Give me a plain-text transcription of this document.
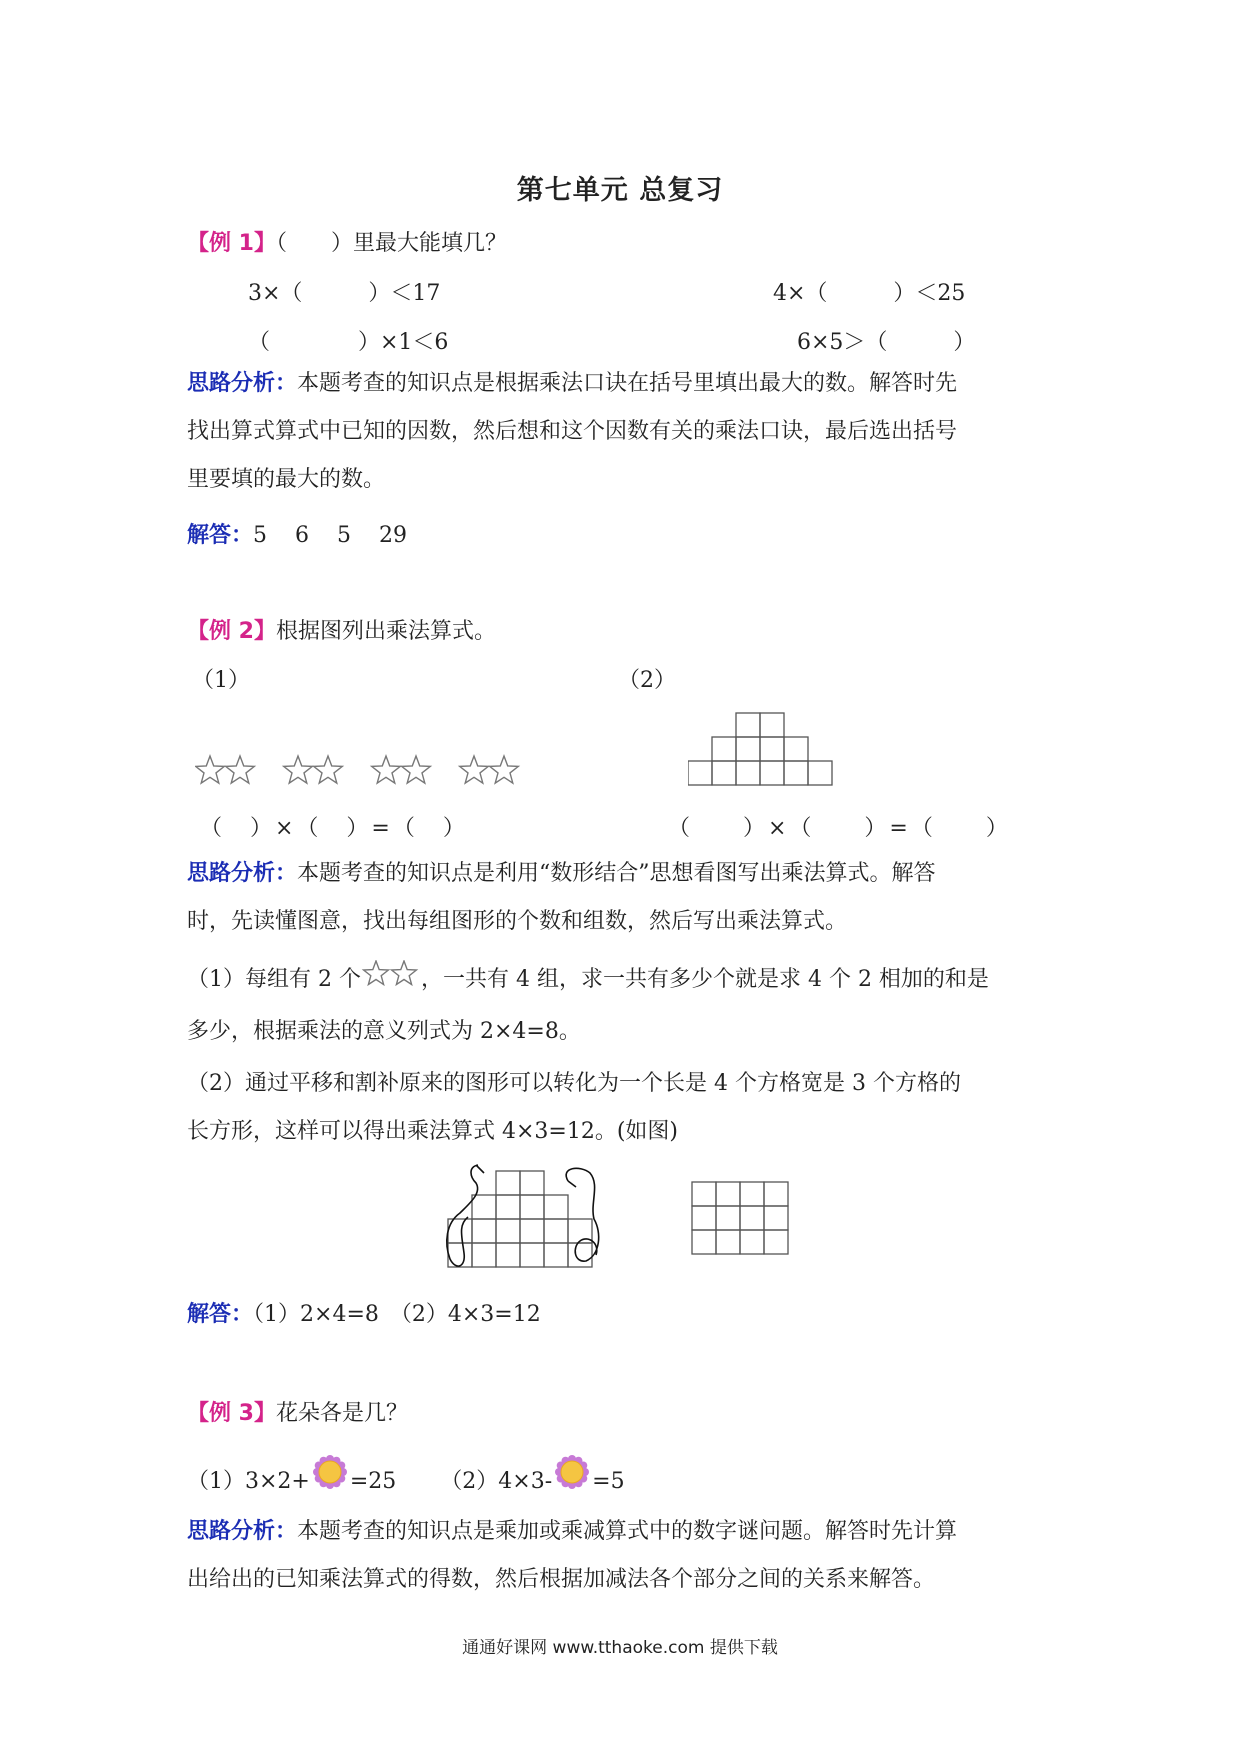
第七单元 总复习
【例 1】（　　）里最大能填几？
3×（　　　）＜17	4×（　　　）＜25
（　　　　）×1＜6	6×5＞（　　　）
思路分析：本题考查的知识点是根据乘法口诀在括号里填出最大的数。解答时先
找出算式算式中已知的因数，然后想和这个因数有关的乘法口诀，最后选出括号
里要填的最大的数。
解答：5 6 5 29
【例 2】根据图列出乘法算式。
（1）	（2）
（　）×（　）=（　）	（　　）×（　　）=（　　）
思路分析：本题考查的知识点是利用“数形结合”思想看图写出乘法算式。解答
时，先读懂图意，找出每组图形的个数和组数，然后写出乘法算式。
（1）每组有 2 个	，一共有 4 组，求一共有多少个就是求 4 个 2 相加的和是
多少，根据乘法的意义列式为 2×4=8。
（2）通过平移和割补原来的图形可以转化为一个长是 4 个方格宽是 3 个方格的
长方形，这样可以得出乘法算式 4×3=12。(如图)
解答：（1）2×4=8　（2）4×3=12
【例 3】花朵各是几？
（1）3×2+ =25 （2）4×3- =5
思路分析：本题考查的知识点是乘加或乘减算式中的数字谜问题。解答时先计算
出给出的已知乘法算式的得数，然后根据加减法各个部分之间的关系来解答。
通通好课网 www.tthaoke.com 提供下载
